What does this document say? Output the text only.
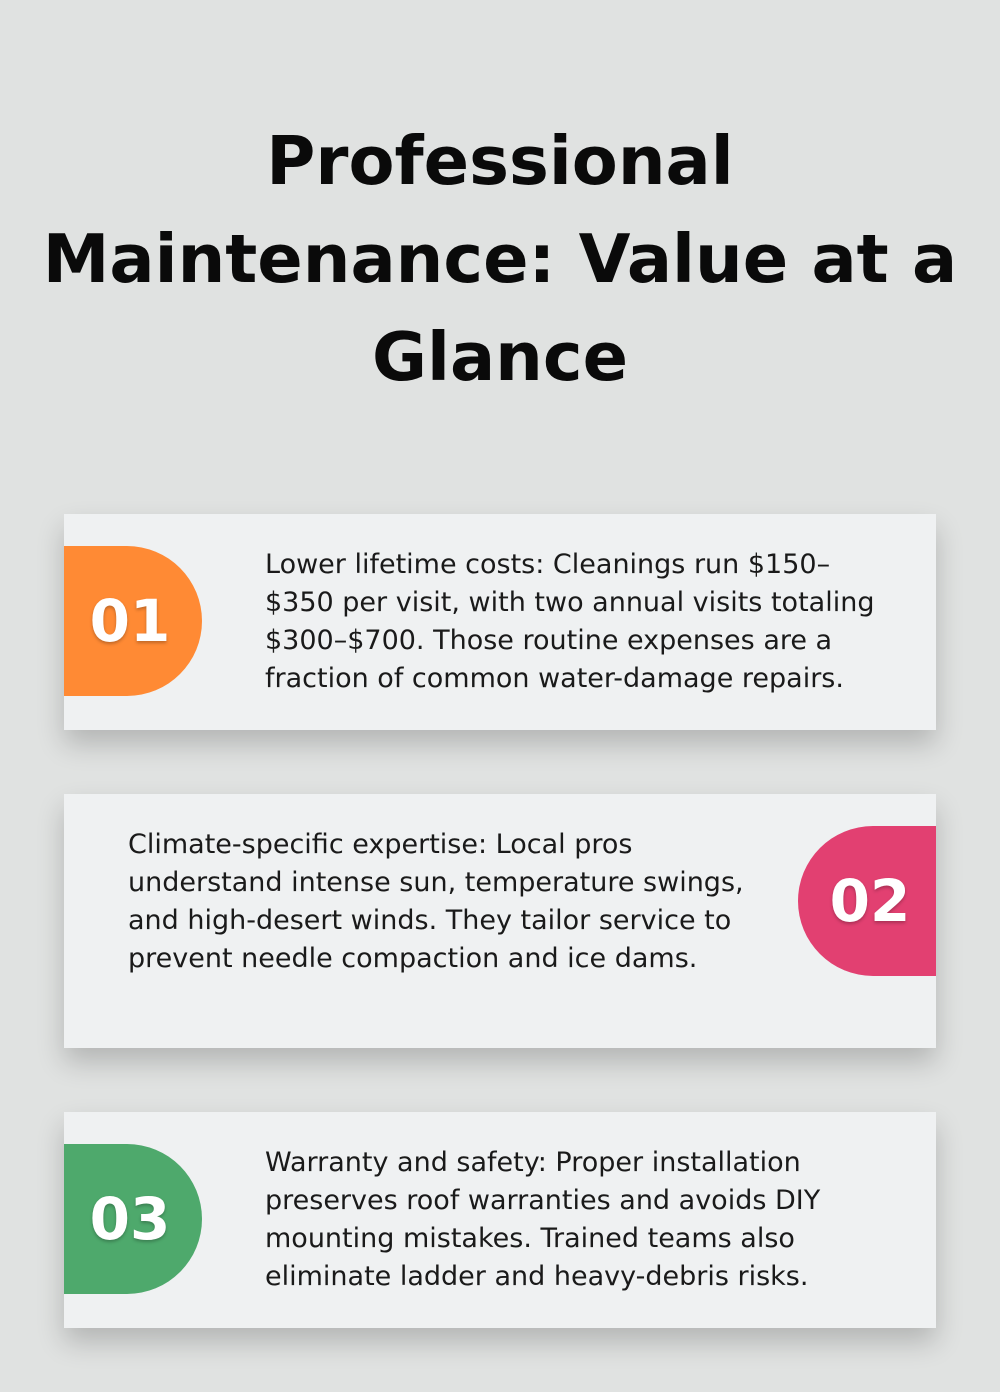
Professional Maintenance: Value at a Glance
01

Lower lifetime costs: Cleanings run $150–$350 per visit, with two annual visits totaling $300–$700. Those routine expenses are a fraction of common water-damage repairs.

Climate-specific expertise: Local pros understand intense sun, temperature swings, and high-desert winds. They tailor service to prevent needle compaction and ice dams.

02
03

Warranty and safety: Proper installation preserves roof warranties and avoids DIY mounting mistakes. Trained teams also eliminate ladder and heavy-debris risks.
